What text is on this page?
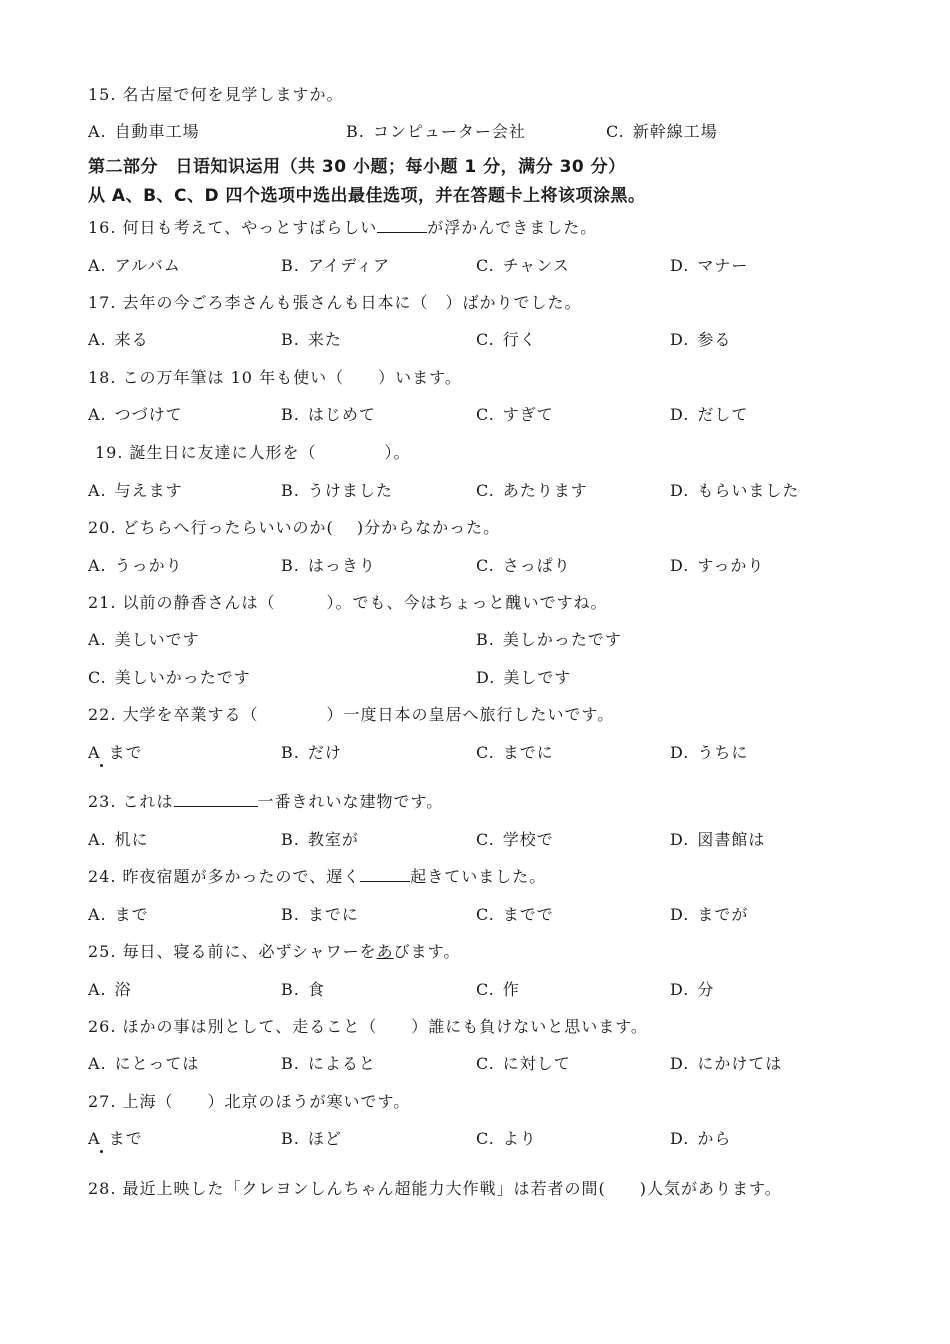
15. 名古屋で何を見学しますか。
A. 自動車工場	B. コンピューター会社	C. 新幹線工場
第二部分　日语知识运用（共 30 小题；每小题 1 分，满分 30 分）
从 A、B、C、D 四个选项中选出最佳选项，并在答题卡上将该项涂黑。
16. 何日も考えて、やっとすばらしい	が浮かんできました。
A. アルバム	B. アイディア	C. チャンス	D. マナー
17. 去年の今ごろ李さんも張さんも日本に（　）ばかりでした。
A. 来る	B. 来た	C. 行く	D. 参る
18. この万年筆は 10 年も使い（　　）います。
A. つづけて	B. はじめて	C. すぎて	D. だして
19. 誕生日に友達に人形を（　　　　）。
A. 与えます	B. うけました	C. あたります	D. もらいました
20. どちらへ行ったらいいのか(　 )分からなかった。
A. うっかり	B. はっきり	C. さっぱり	D. すっかり
21. 以前の静香さんは（　　　）。でも、今はちょっと醜いですね。
A. 美しいです	B. 美しかったです
C. 美しいかったです	D. 美しです
22. 大学を卒業する（　　　　）一度日本の皇居へ旅行したいです。
A まで	B. だけ	C. までに	D. うちに
23. これは	一番きれいな建物です。
A. 机に	B. 教室が	C. 学校で	D. 図書館は
24. 昨夜宿題が多かったので、遅く	起きていました。
A. まで	B. までに	C. までで	D. までが
25. 毎日、寝る前に、必ずシャワーをあびます。
A. 浴	B. 食	C. 作	D. 分
26. ほかの事は別として、走ること（　　）誰にも負けないと思います。
A. にとっては	B. によると	C. に対して	D. にかけては
27. 上海（　　）北京のほうが寒いです。
A まで	B. ほど	C. より	D. から
28. 最近上映した「クレヨンしんちゃん超能力大作戦」は若者の間(　　)人気があります。
